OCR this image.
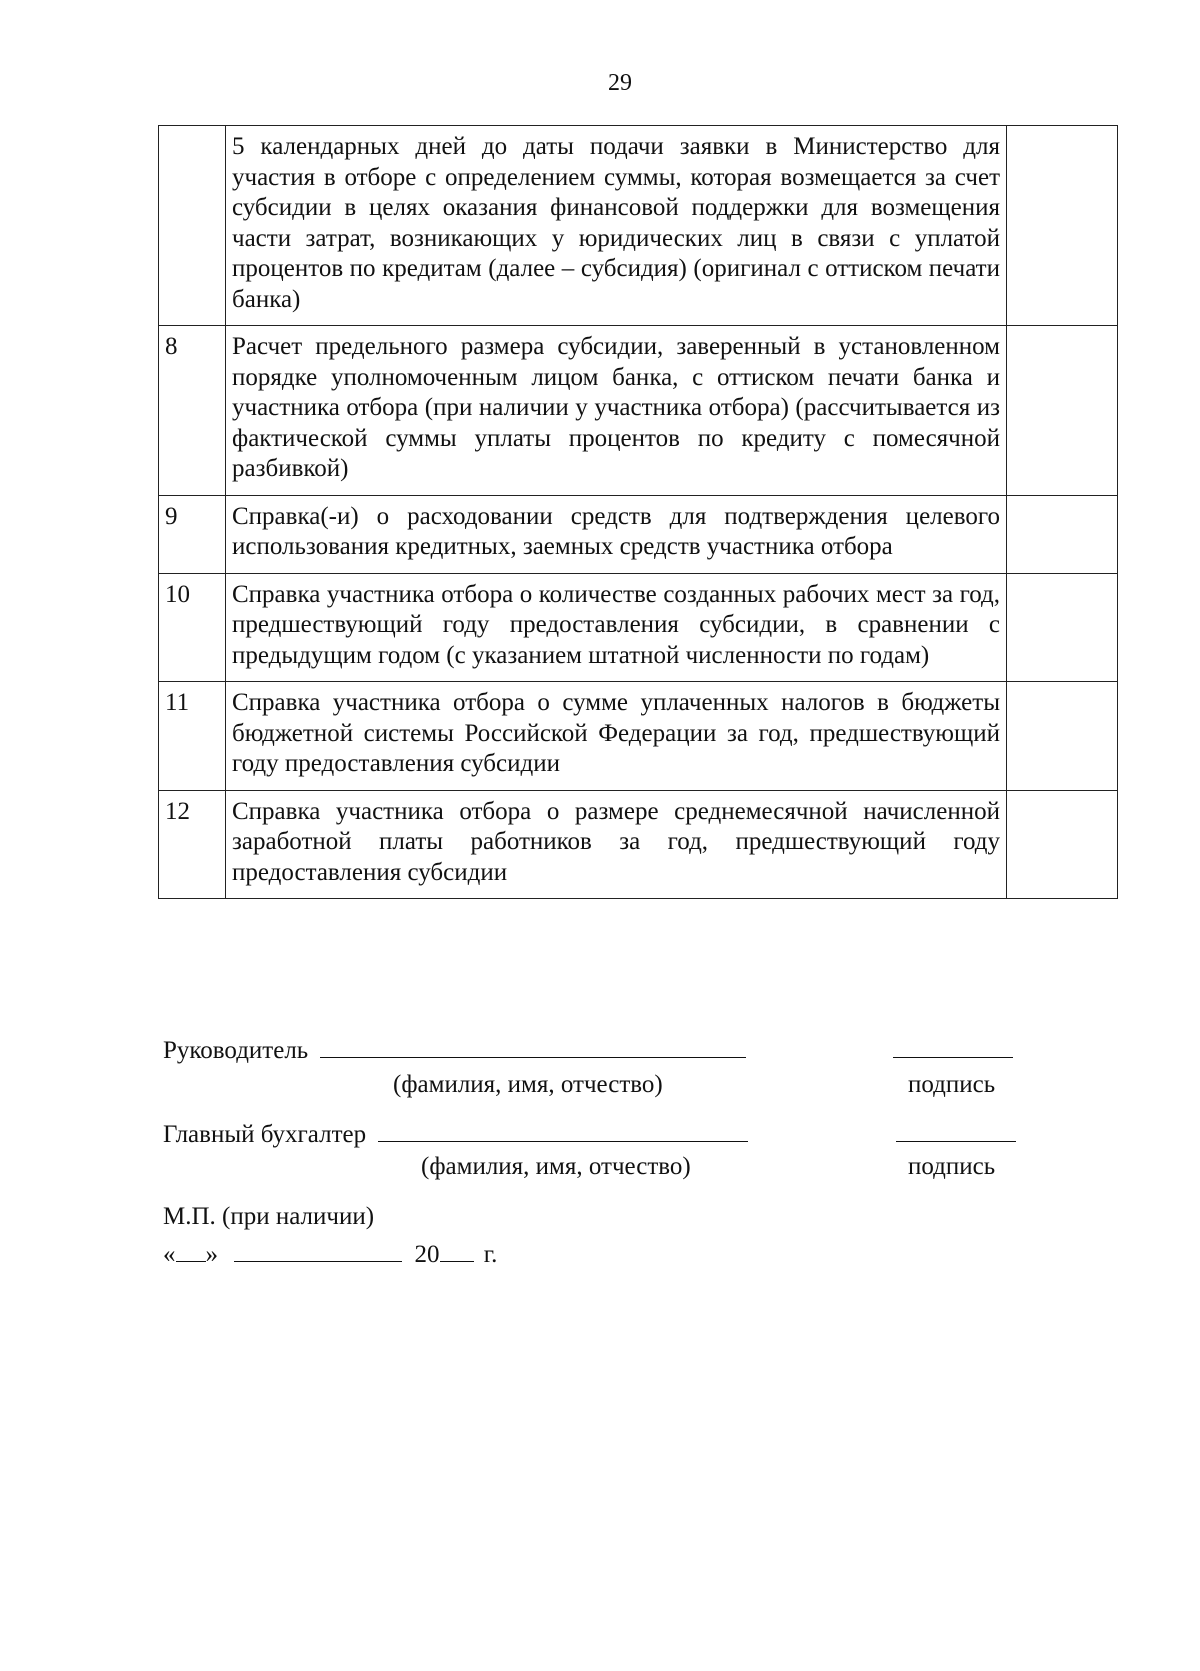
29
	5 календарных дней до даты подачи заявки в Министерство для участия в отборе с определением суммы, которая возмещается за счет субсидии в целях оказания финансовой поддержки для возмещения части затрат, возникающих у юридических лиц в связи с уплатой процентов по кредитам (далее – субсидия) (оригинал с оттиском печати банка)	
8	Расчет предельного размера субсидии, заверенный в установленном порядке уполномоченным лицом банка, с оттиском печати банка и участника отбора (при наличии у участника отбора) (рассчитывается из фактической суммы уплаты процентов по кредиту с помесячной разбивкой)	
9	Справка(-и) о расходовании средств для подтверждения целевого использования кредитных, заемных средств участника отбора	
10	Справка участника отбора о количестве созданных рабочих мест за год, предшествующий году предоставления субсидии, в сравнении с предыдущим годом (с указанием штатной численности по годам)	
11	Справка участника отбора о сумме уплаченных налогов в бюджеты бюджетной системы Российской Федерации за год, предшествующий году предоставления субсидии	
12	Справка участника отбора о размере среднемесячной начисленной заработной платы работников за год, предшествующий году предоставления субсидии	
Руководитель
(фамилия, имя, отчество)	подпись
Главный бухгалтер
(фамилия, имя, отчество)	подпись
М.П. (при наличии)
« »	20 г.
